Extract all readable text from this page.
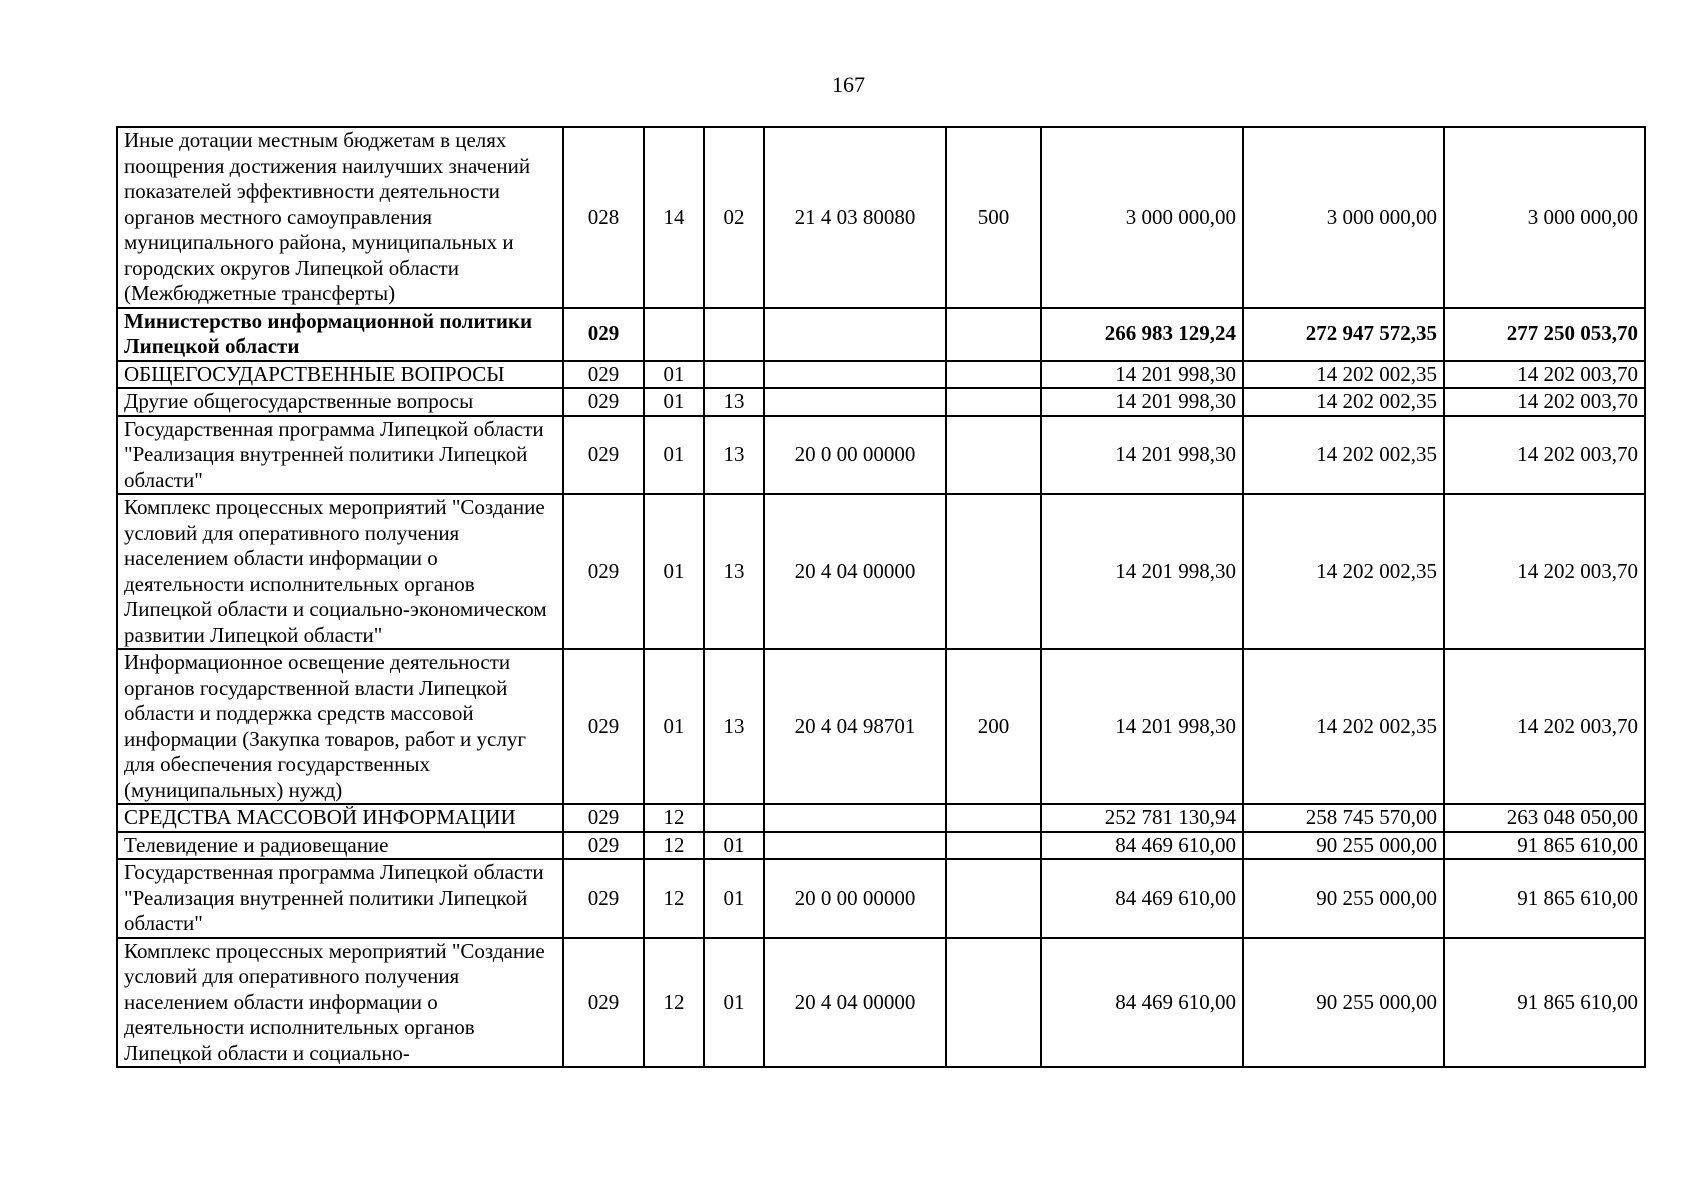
167
Иные дотации местным бюджетам в целях поощрения достижения наилучших значений показателей эффективности деятельности органов местного самоуправления муниципального района, муниципальных и городских округов Липецкой области (Межбюджетные трансферты)	028	14	02	21 4 03 80080	500	3 000 000,00	3 000 000,00	3 000 000,00
Министерство информационной политики Липецкой области	029					266 983 129,24	272 947 572,35	277 250 053,70
ОБЩЕГОСУДАРСТВЕННЫЕ ВОПРОСЫ	029	01				14 201 998,30	14 202 002,35	14 202 003,70
Другие общегосударственные вопросы	029	01	13			14 201 998,30	14 202 002,35	14 202 003,70
Государственная программа Липецкой области "Реализация внутренней политики Липецкой области"	029	01	13	20 0 00 00000		14 201 998,30	14 202 002,35	14 202 003,70
Комплекс процессных мероприятий "Создание условий для оперативного получения населением области информации о деятельности исполнительных органов Липецкой области и социально-экономическом развитии Липецкой области"	029	01	13	20 4 04 00000		14 201 998,30	14 202 002,35	14 202 003,70
Информационное освещение деятельности органов государственной власти Липецкой области и поддержка средств массовой информации (Закупка товаров, работ и услуг для обеспечения государственных (муниципальных) нужд)	029	01	13	20 4 04 98701	200	14 201 998,30	14 202 002,35	14 202 003,70
СРЕДСТВА МАССОВОЙ ИНФОРМАЦИИ	029	12				252 781 130,94	258 745 570,00	263 048 050,00
Телевидение и радиовещание	029	12	01			84 469 610,00	90 255 000,00	91 865 610,00
Государственная программа Липецкой области "Реализация внутренней политики Липецкой области"	029	12	01	20 0 00 00000		84 469 610,00	90 255 000,00	91 865 610,00
Комплекс процессных мероприятий "Создание условий для оперативного получения населением области информации о деятельности исполнительных органов Липецкой области и социально-	029	12	01	20 4 04 00000		84 469 610,00	90 255 000,00	91 865 610,00
